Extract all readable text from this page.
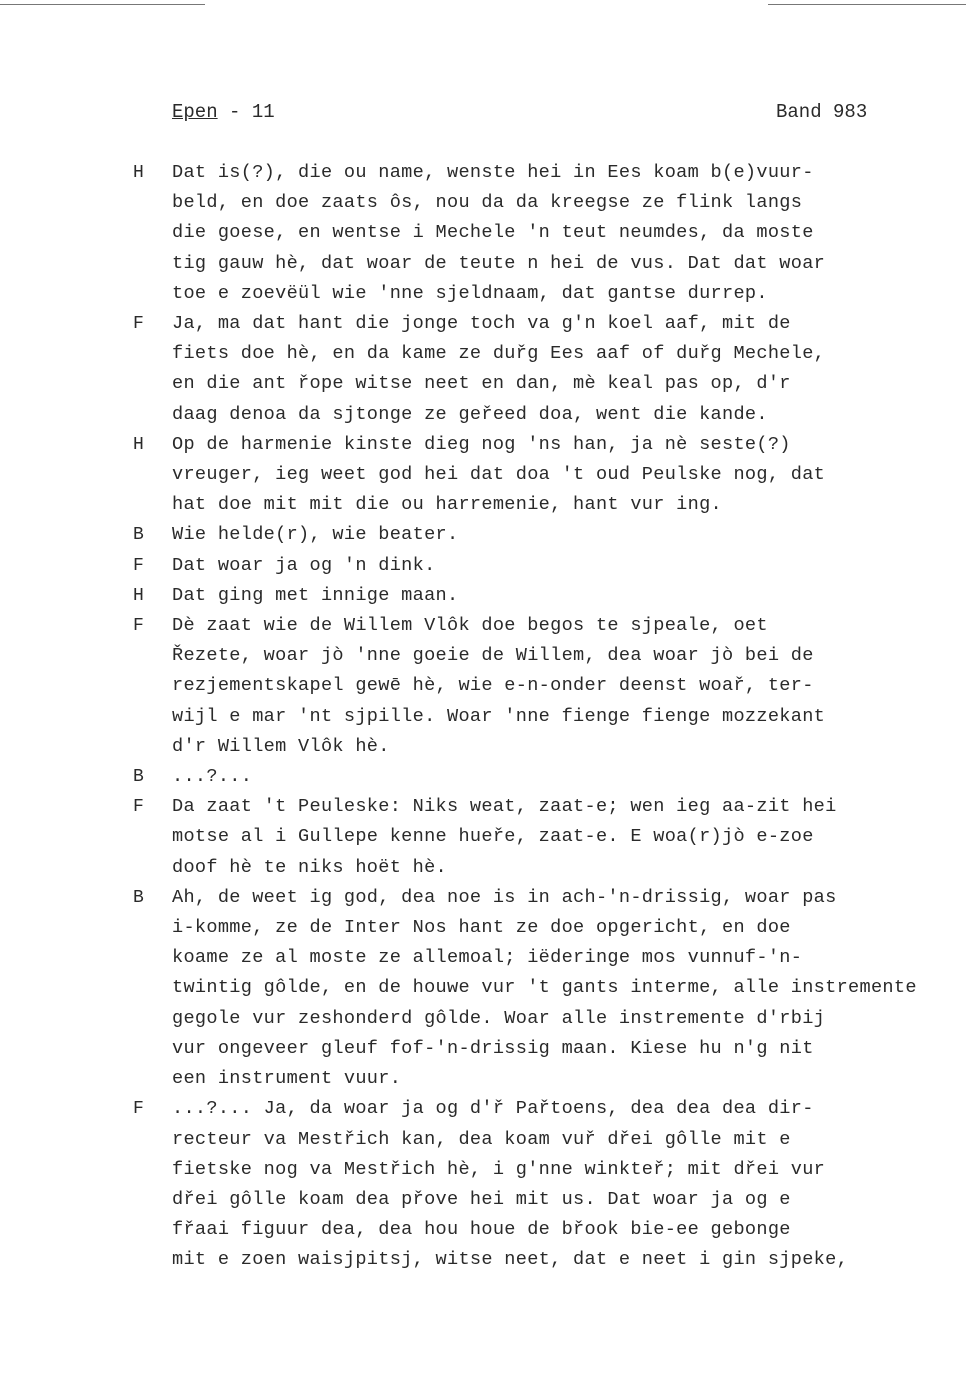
Epen - 11	Band 983
H	Dat is(?), die ou name, wenste hei in Ees koam b(e)vuur-
beld, en doe zaats ôs, nou da da kreegse ze flink langs
die goese, en wentse i Mechele 'n teut neumdes, da moste
tig gauw hè, dat woar de teute n hei de vus. Dat dat woar
toe e zoevëül wie 'nne sjeldnaam, dat gantse durrep.
F	Ja, ma dat hant die jonge toch va g'n koel aaf, mit de
fiets doe hè, en da kame ze duřg Ees aaf of duřg Mechele,
en die ant řope witse neet en dan, mè keal pas op, d'r
daag denoa da sjtonge ze geřeed doa, went die kande.
H	Op de harmenie kinste dieg nog 'ns han, ja nè seste(?)
vreuger, ieg weet god hei dat doa 't oud Peulske nog, dat
hat doe mit mit die ou harremenie, hant vur ing.
B	Wie helde(r), wie beater.
F	Dat woar ja og 'n dink.
H	Dat ging met innige maan.
F	Dè zaat wie de Willem Vlôk doe begos te sjpeale, oet
Řezete, woar jò 'nne goeie de Willem, dea woar jò bei de
rezjementskapel gewē hè, wie e-n-onder deenst woař, ter-
wijl e mar 'nt sjpille. Woar 'nne fienge fienge mozzekant
d'r Willem Vlôk hè.
B	...?...
F	Da zaat 't Peuleske: Niks weat, zaat-e; wen ieg aa-zit hei
motse al i Gullepe kenne hueře, zaat-e. E woa(r)jò e-zoe
doof hè te niks hoët hè.
B	Ah, de weet ig god, dea noe is in ach-'n-drissig, woar pas
i-komme, ze de Inter Nos hant ze doe opgericht, en doe
koame ze al moste ze allemoal; iëderinge mos vunnuf-'n-
twintig gôlde, en de houwe vur 't gants interme, alle instremente
gegole vur zeshonderd gôlde. Woar alle instremente d'rbij
vur ongeveer gleuf fof-'n-drissig maan. Kiese hu n'g nit
een instrument vuur.
F	...?... Ja, da woar ja og d'ř Pařtoens, dea dea dea dir-
recteur va Mestřich kan, dea koam vuř dřei gôlle mit e
fietske nog va Mestřich hè, i g'nne winkteř; mit dřei vur
dřei gôlle koam dea přove hei mit us. Dat woar ja og e
fřaai figuur dea, dea hou houe de břook bie-ee gebonge
mit e zoen waisjpitsj, witse neet, dat e neet i gin sjpeke,
